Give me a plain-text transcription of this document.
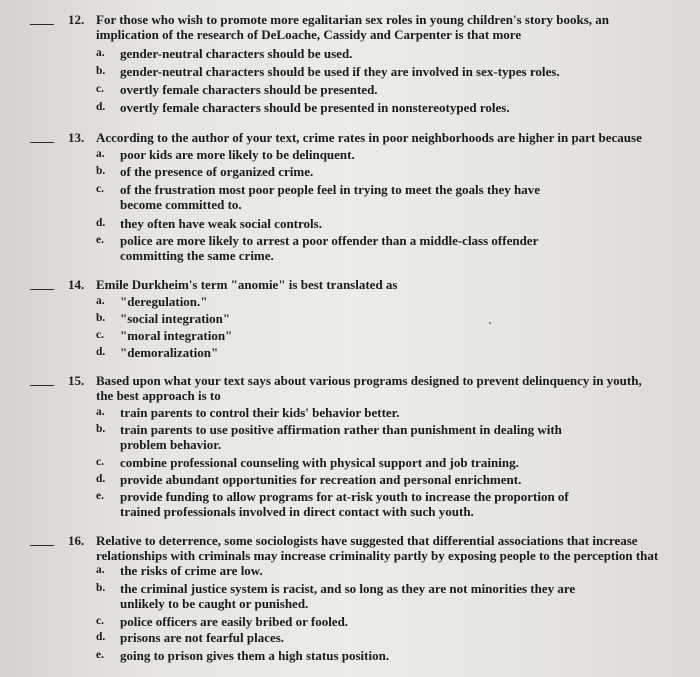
12. For those who wish to promote more egalitarian sex roles in young children's story books, an
implication of the research of DeLoache, Cassidy and Carpenter is that more
a. gender-neutral characters should be used.
b. gender-neutral characters should be used if they are involved in sex-types roles.
c. overtly female characters should be presented.
d. overtly female characters should be presented in nonstereotyped roles.
13. According to the author of your text, crime rates in poor neighborhoods are higher in part because
a. poor kids are more likely to be delinquent.
b. of the presence of organized crime.
c. of the frustration most poor people feel in trying to meet the goals they have
become committed to.
d. they often have weak social controls.
e. police are more likely to arrest a poor offender than a middle-class offender
committing the same crime.
14. Emile Durkheim's term "anomie" is best translated as
a. "deregulation."
b. "social integration"
c. "moral integration"
d. "demoralization"
15. Based upon what your text says about various programs designed to prevent delinquency in youth,
the best approach is to
a. train parents to control their kids' behavior better.
b. train parents to use positive affirmation rather than punishment in dealing with
problem behavior.
c. combine professional counseling with physical support and job training.
d. provide abundant opportunities for recreation and personal enrichment.
e. provide funding to allow programs for at-risk youth to increase the proportion of
trained professionals involved in direct contact with such youth.
16. Relative to deterrence, some sociologists have suggested that differential associations that increase
relationships with criminals may increase criminality partly by exposing people to the perception that
a. the risks of crime are low.
b. the criminal justice system is racist, and so long as they are not minorities they are
unlikely to be caught or punished.
c. police officers are easily bribed or fooled.
d. prisons are not fearful places.
e. going to prison gives them a high status position.
